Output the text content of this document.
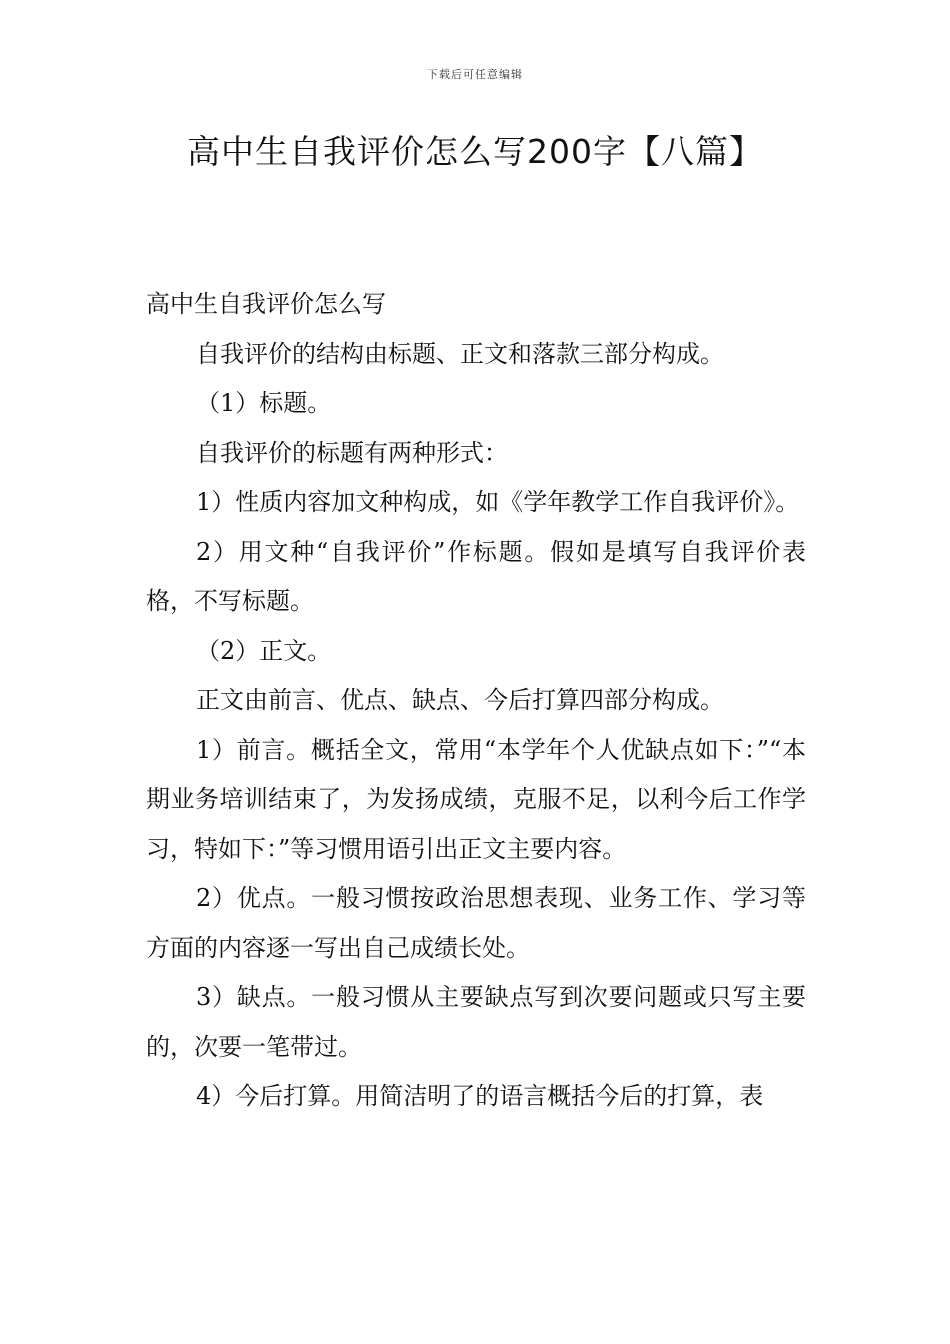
下载后可任意编辑
高中生自我评价怎么写200字【八篇】

高中生自我评价怎么写

自我评价的结构由标题、正文和落款三部分构成。

（1）标题。

自我评价的标题有两种形式：

1）性质内容加文种构成，如《学年教学工作自我评价》。

2）用文种“自我评价”作标题。假如是填写自我评价表格，不写标题。

（2）正文。

正文由前言、优点、缺点、今后打算四部分构成。

1）前言。概括全文，常用“本学年个人优缺点如下：”“本期业务培训结束了，为发扬成绩，克服不足，以利今后工作学习，特如下：”等习惯用语引出正文主要内容。

2）优点。一般习惯按政治思想表现、业务工作、学习等方面的内容逐一写出自己成绩长处。

3）缺点。一般习惯从主要缺点写到次要问题或只写主要的，次要一笔带过。

4）今后打算。用简洁明了的语言概括今后的打算，表
